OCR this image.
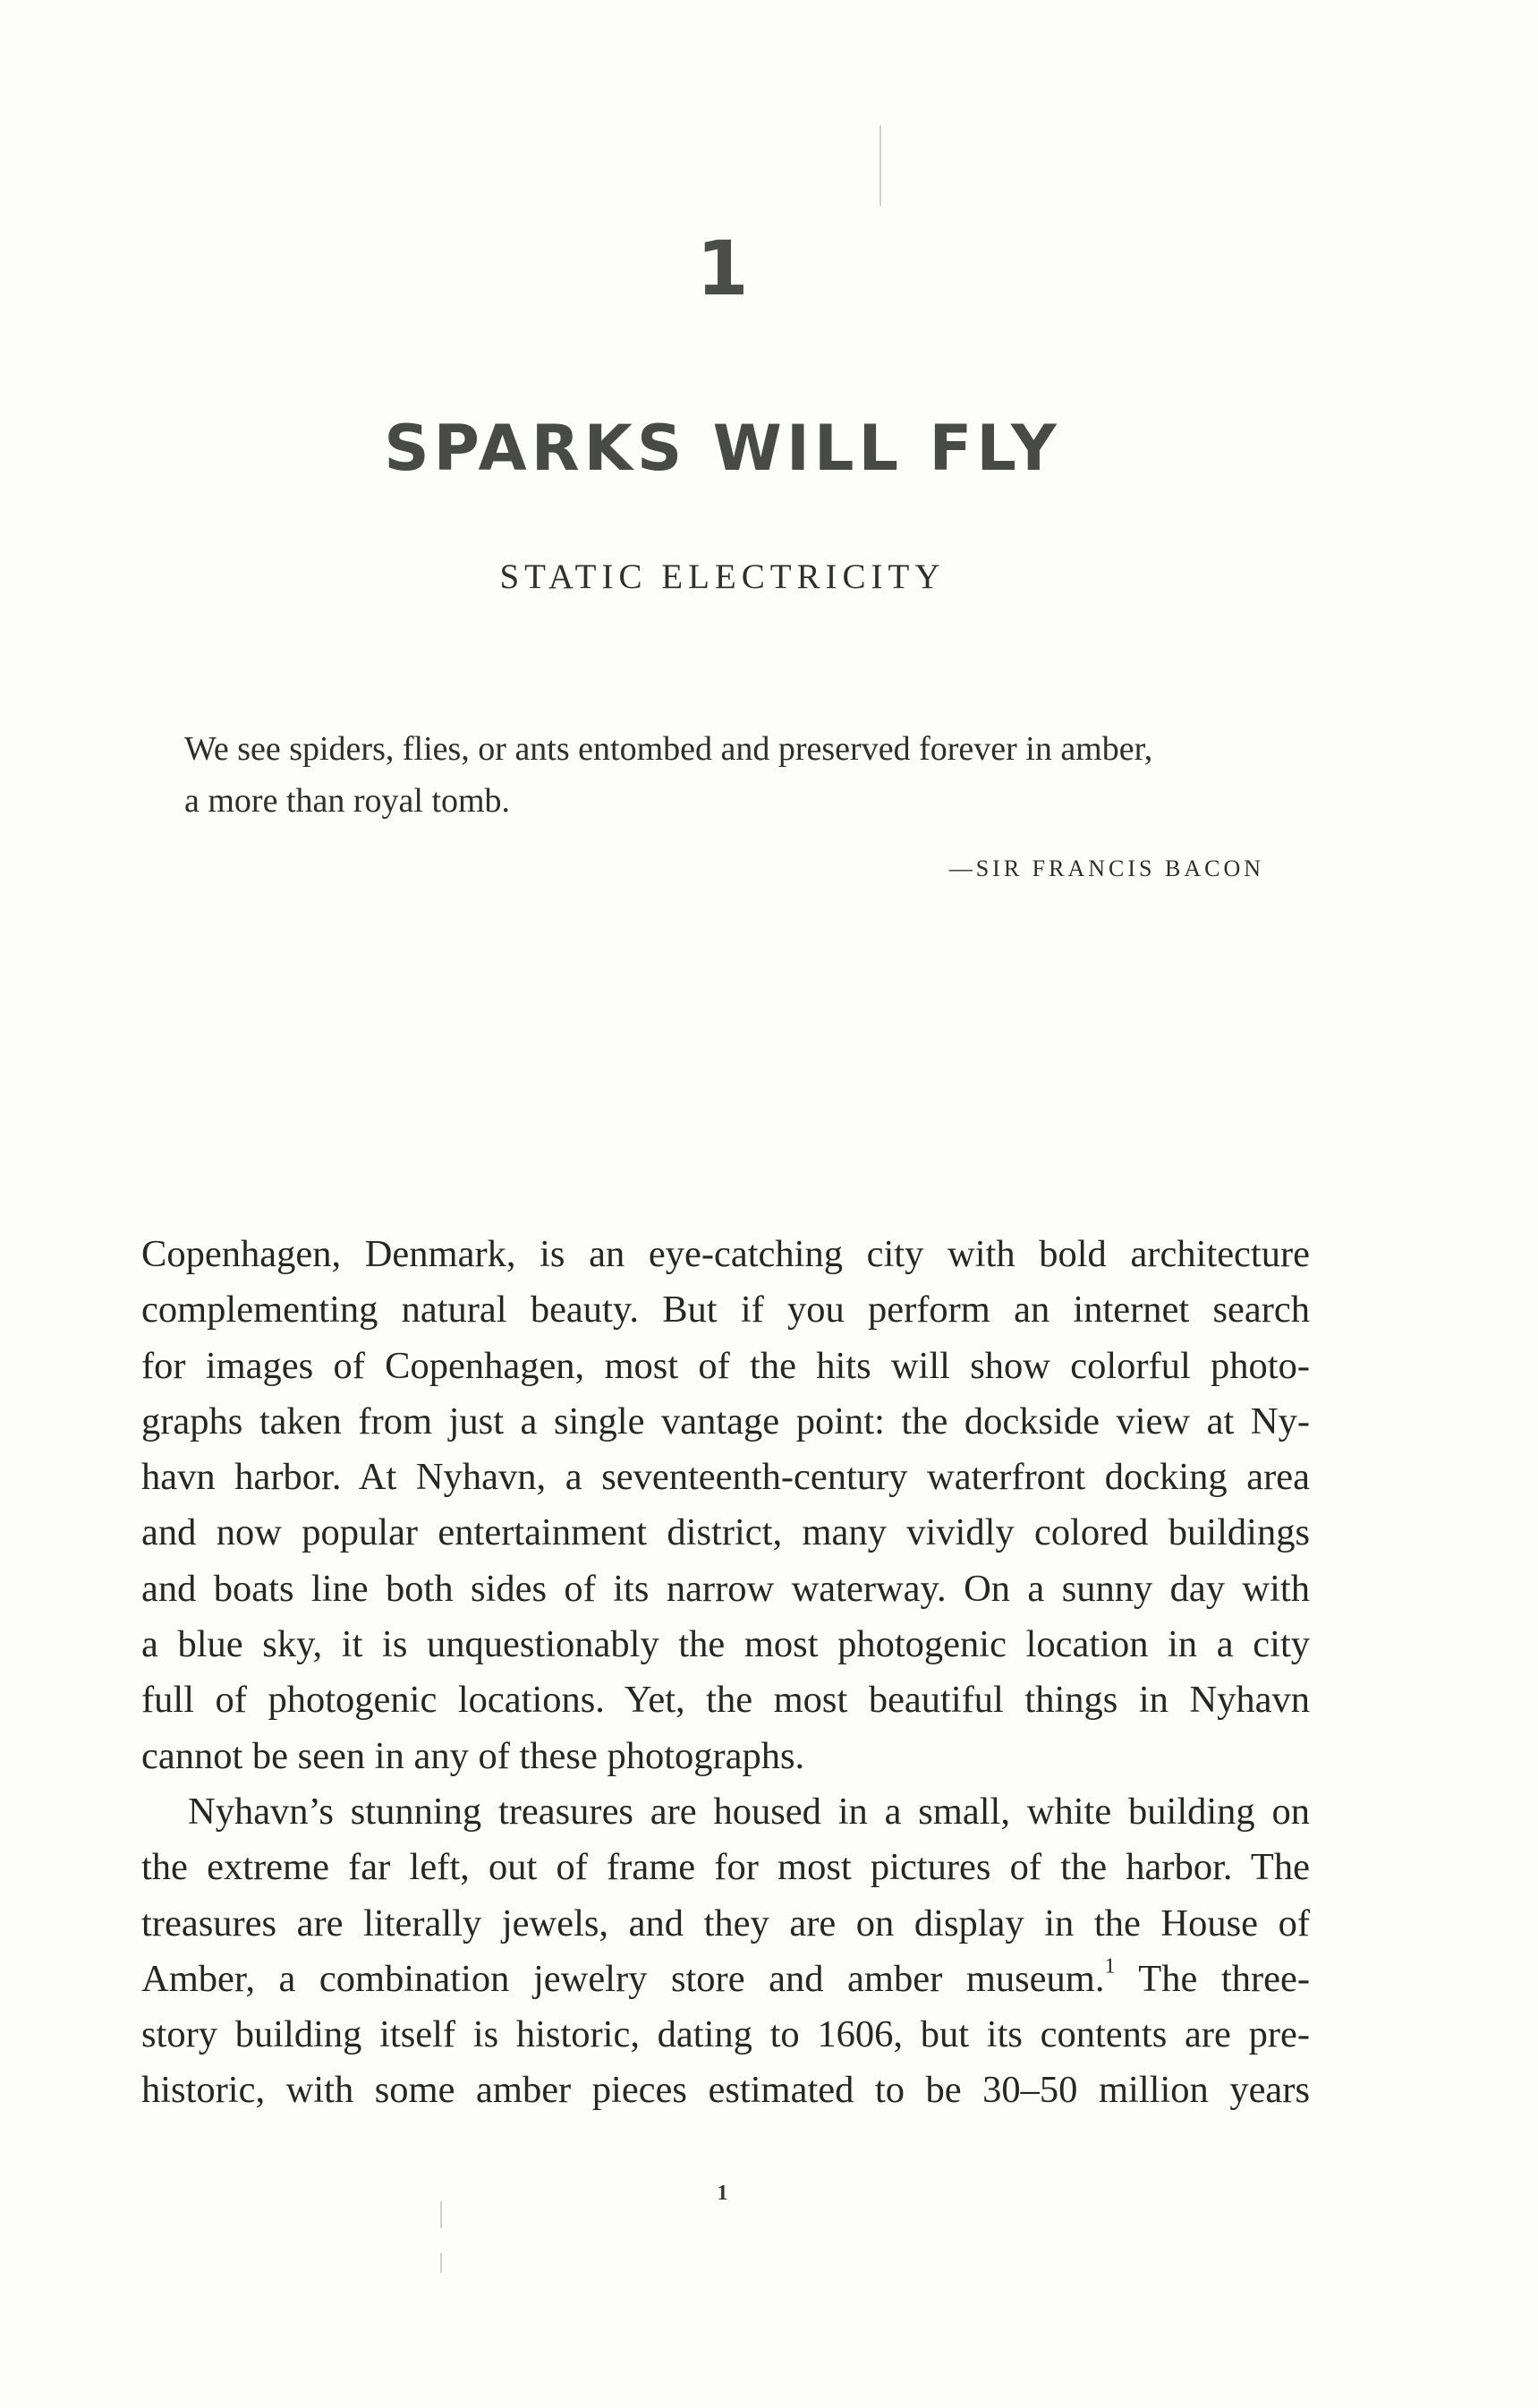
1
SPARKS WILL FLY
STATIC ELECTRICITY
We see spiders, flies, or ants entombed and preserved forever in amber,
a more than royal tomb.
—SIR FRANCIS BACON
Copenhagen, Denmark, is an eye-catching city with bold architecture
complementing natural beauty. But if you perform an internet search
for images of Copenhagen, most of the hits will show colorful photo-
graphs taken from just a single vantage point: the dockside view at Ny-
havn harbor. At Nyhavn, a seventeenth-century waterfront docking area
and now popular entertainment district, many vividly colored buildings
and boats line both sides of its narrow waterway. On a sunny day with
a blue sky, it is unquestionably the most photogenic location in a city
full of photogenic locations. Yet, the most beautiful things in Nyhavn
cannot be seen in any of these photographs.
Nyhavn’s stunning treasures are housed in a small, white building on
the extreme far left, out of frame for most pictures of the harbor. The
treasures are literally jewels, and they are on display in the House of
Amber, a combination jewelry store and amber museum.$^1$ The three-
story building itself is historic, dating to 1606, but its contents are pre-
historic, with some amber pieces estimated to be 30–50 million years
1
